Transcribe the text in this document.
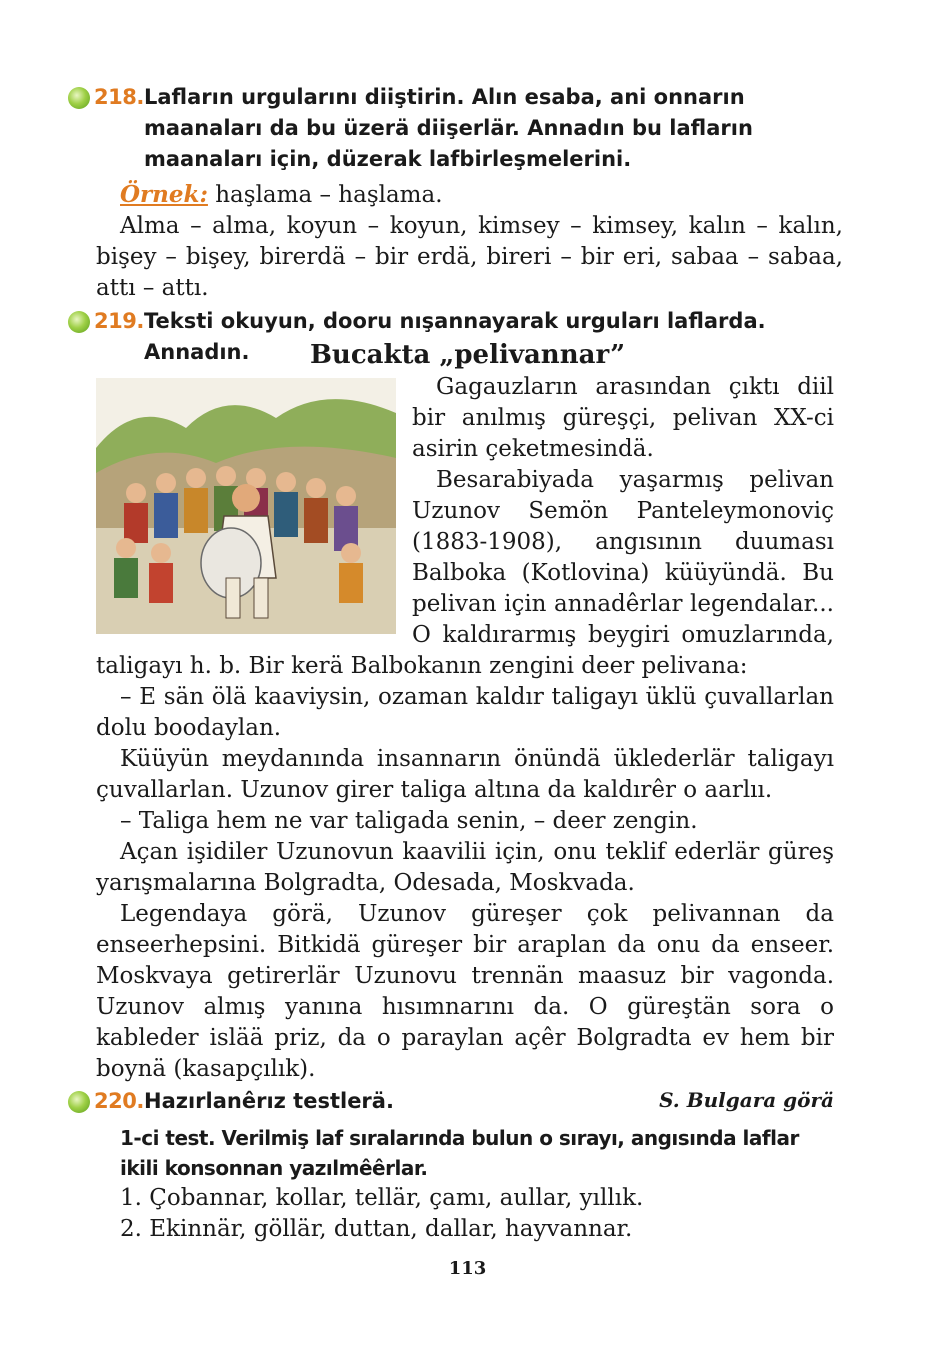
218. Lafların urgularını diiştirin. Alın esaba, ani onnarın maanaları da bu üzerä diişerlär. Annadın bu lafların maanaları için, düzerak lafbirleşmelerini.

Örnek: haşlama – haşlama.

Alma – alma, koyun – koyun, kimsey – kimsey, kalın – kalın, bişey – bişey, birerdä – bir erdä, bireri – bir eri, sabaa – sabaa, attı – attı.

219. Teksti okuyun, dooru nışannayarak urguları laflarda. Annadın.	Bucakta „pelivannar”

Gagauzların arasından çıktı diil bir anılmış güreşçi, pelivan XX-ci asirin çeketmesindä.

Besarabiyada yaşarmış pelivan Uzunov Semön Panteleymonoviç (1883-1908), angısının duuması Balboka (Kotlovina) küüyündä. Bu pelivan için annadêrlar legendalar... O kaldırarmış beygiri omuzlarında, taligayı h. b. Bir kerä Balbokanın zengini deer pelivana:

– E sän ölä kaaviysin, ozaman kaldır taligayı üklü çuvallarlan dolu boodaylan.

Küüyün meydanında insannarın önündä üklederlär taligayı çuvallarlan. Uzunov girer taliga altına da kaldırêr o aarlıı.

– Taliga hem ne var taligada senin, – deer zengin.

Açan işidiler Uzunovun kaavilii için, onu teklif ederlär güreş yarışmalarına Bolgradta, Odesada, Moskvada.

Legendaya görä, Uzunov güreşer çok pelivannan da enseerhepsini. Bitkidä güreşer bir araplan da onu da enseer. Moskvaya getirerlär Uzunovu trennän maasuz bir vagonda. Uzunov almış yanına hısımnarını da. O güreştän sora o kableder islää priz, da o paraylan açêr Bolgradta ev hem bir boynä (kasapçılık).

S. Bulgara görä

220. Hazırlanêrız testlerä.

1-ci test. Verilmiş laf sıralarında bulun o sırayı, angısında laflar ikili konsonnan yazılmêêrlar.

1. Çobannar, kollar, tellär, çamı, aullar, yıllık.

2. Ekinnär, göllär, duttan, dallar, hayvannar.

113
